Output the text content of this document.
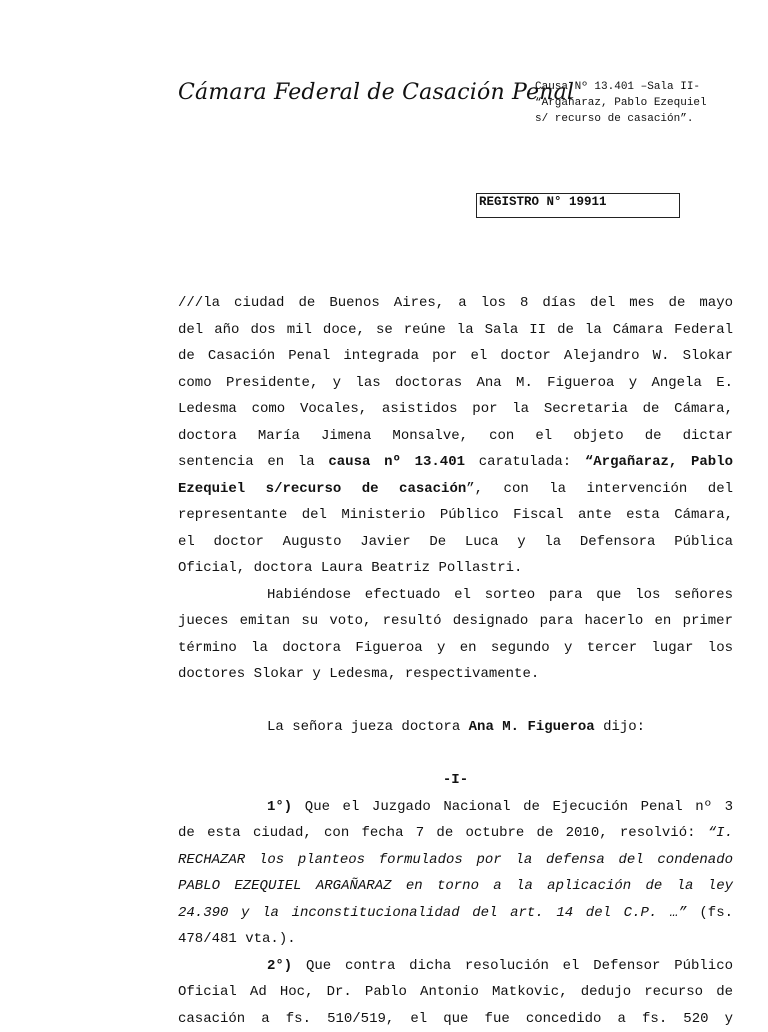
Cámara Federal de Casación Penal
Causa Nº 13.401 –Sala II-
“Argañaraz, Pablo Ezequiel
s/ recurso de casación”.
REGISTRO N° 19911
///la ciudad de Buenos Aires, a los 8 días del mes de mayo
del año dos mil doce, se reúne la Sala II de la Cámara Federal
de Casación Penal integrada por el doctor Alejandro W. Slokar
como Presidente, y las doctoras Ana M. Figueroa y Angela E.
Ledesma como Vocales, asistidos por la Secretaria de Cámara,
doctora María Jimena Monsalve, con el objeto de dictar
sentencia en la causa nº 13.401 caratulada: “Argañaraz, Pablo
Ezequiel s/recurso de casación”, con la intervención del
representante del Ministerio Público Fiscal ante esta Cámara,
el doctor Augusto Javier De Luca y la Defensora Pública
Oficial, doctora Laura Beatriz Pollastri.
Habiéndose efectuado el sorteo para que los señores
jueces emitan su voto, resultó designado para hacerlo en primer
término la doctora Figueroa y en segundo y tercer lugar los
doctores Slokar y Ledesma, respectivamente.
La señora jueza doctora Ana M. Figueroa dijo:
-I-
1°) Que el Juzgado Nacional de Ejecución Penal nº 3
de esta ciudad, con fecha 7 de octubre de 2010, resolvió: “I.
RECHAZAR los planteos formulados por la defensa del condenado
PABLO EZEQUIEL ARGAÑARAZ en torno a la aplicación de la ley
24.390 y la inconstitucionalidad del art. 14 del C.P. …” (fs.
478/481 vta.).
2°) Que contra dicha resolución el Defensor Público
Oficial Ad Hoc, Dr. Pablo Antonio Matkovic, dedujo recurso de
casación a fs. 510/519, el que fue concedido a fs. 520 y
